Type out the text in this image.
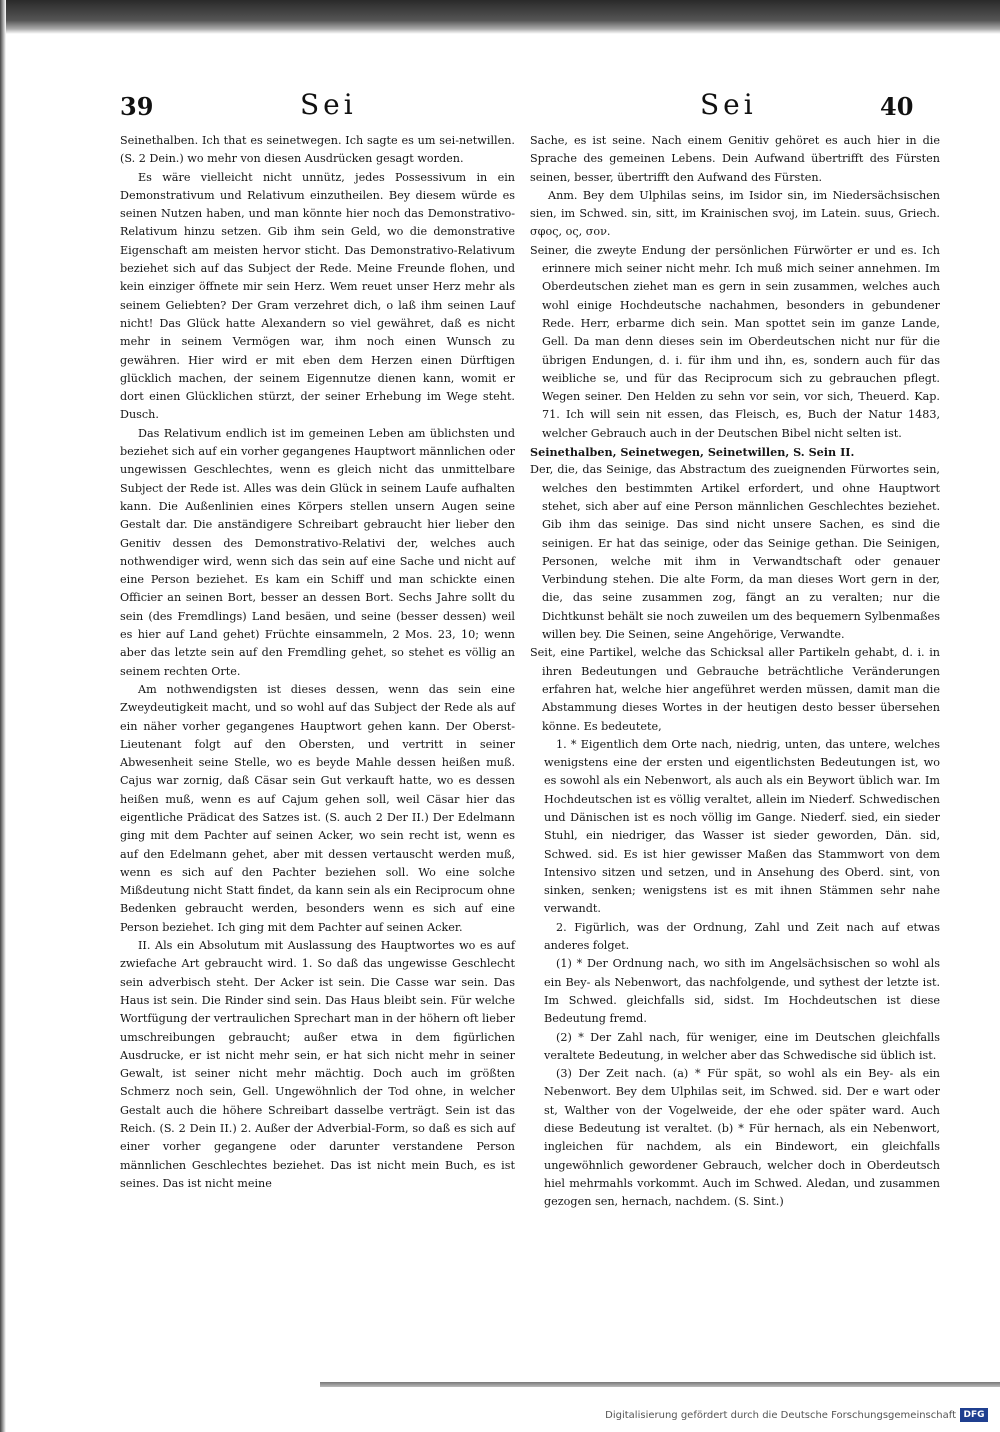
39	Sei	Sei	40

Seinethalben. Ich that es seinetwegen. Ich sagte es um sei-netwillen. (S. 2 Dein.) wo mehr von diesen Ausdrücken gesagt worden.

Es wäre vielleicht nicht unnütz, jedes Possessivum in ein Demonstrativum und Relativum einzutheilen. Bey diesem würde es seinen Nutzen haben, und man könnte hier noch das Demonstrativo-Relativum hinzu setzen. Gib ihm sein Geld, wo die demonstrative Eigenschaft am meisten hervor sticht. Das Demonstrativo-Relativum beziehet sich auf das Subject der Rede. Meine Freunde flohen, und kein einziger öffnete mir sein Herz. Wem reuet unser Herz mehr als seinem Geliebten? Der Gram verzehret dich, o laß ihm seinen Lauf nicht! Das Glück hatte Alexandern so viel gewähret, daß es nicht mehr in seinem Vermögen war, ihm noch einen Wunsch zu gewähren. Hier wird er mit eben dem Herzen einen Dürftigen glücklich machen, der seinem Eigennutze dienen kann, womit er dort einen Glücklichen stürzt, der seiner Erhebung im Wege steht. Dusch.

Das Relativum endlich ist im gemeinen Leben am üblichsten und beziehet sich auf ein vorher gegangenes Hauptwort männlichen oder ungewissen Geschlechtes, wenn es gleich nicht das unmittelbare Subject der Rede ist. Alles was dein Glück in seinem Laufe aufhalten kann. Die Außenlinien eines Körpers stellen unsern Augen seine Gestalt dar. Die anständigere Schreibart gebraucht hier lieber den Genitiv dessen des Demonstrativo-Relativi der, welches auch nothwendiger wird, wenn sich das sein auf eine Sache und nicht auf eine Person beziehet. Es kam ein Schiff und man schickte einen Officier an seinen Bort, besser an dessen Bort. Sechs Jahre sollt du sein (des Fremdlings) Land besäen, und seine (besser dessen) weil es hier auf Land gehet) Früchte einsammeln, 2 Mos. 23, 10; wenn aber das letzte sein auf den Fremdling gehet, so stehet es völlig an seinem rechten Orte.

Am nothwendigsten ist dieses dessen, wenn das sein eine Zweydeutigkeit macht, und so wohl auf das Subject der Rede als auf ein näher vorher gegangenes Hauptwort gehen kann. Der Oberst-Lieutenant folgt auf den Obersten, und vertritt in seiner Abwesenheit seine Stelle, wo es beyde Mahle dessen heißen muß. Cajus war zornig, daß Cäsar sein Gut verkauft hatte, wo es dessen heißen muß, wenn es auf Cajum gehen soll, weil Cäsar hier das eigentliche Prädicat des Satzes ist. (S. auch 2 Der II.) Der Edelmann ging mit dem Pachter auf seinen Acker, wo sein recht ist, wenn es auf den Edelmann gehet, aber mit dessen vertauscht werden muß, wenn es sich auf den Pachter beziehen soll. Wo eine solche Mißdeutung nicht Statt findet, da kann sein als ein Reciprocum ohne Bedenken gebraucht werden, besonders wenn es sich auf eine Person beziehet. Ich ging mit dem Pachter auf seinen Acker.

II. Als ein Absolutum mit Auslassung des Hauptwortes wo es auf zwiefache Art gebraucht wird. 1. So daß das ungewisse Geschlecht sein adverbisch steht. Der Acker ist sein. Die Casse war sein. Das Haus ist sein. Die Rinder sind sein. Das Haus bleibt sein. Für welche Wortfügung der vertraulichen Sprechart man in der höhern oft lieber umschreibungen gebraucht; außer etwa in dem figürlichen Ausdrucke, er ist nicht mehr sein, er hat sich nicht mehr in seiner Gewalt, ist seiner nicht mehr mächtig. Doch auch im größten Schmerz noch sein, Gell. Ungewöhnlich der Tod ohne, in welcher Gestalt auch die höhere Schreibart dasselbe verträgt. Sein ist das Reich. (S. 2 Dein II.) 2. Außer der Adverbial-Form, so daß es sich auf einer vorher gegangene oder darunter verstandene Person männlichen Geschlechtes beziehet. Das ist nicht mein Buch, es ist seines. Das ist nicht meine

Sache, es ist seine. Nach einem Genitiv gehöret es auch hier in die Sprache des gemeinen Lebens. Dein Aufwand übertrifft des Fürsten seinen, besser, übertrifft den Aufwand des Fürsten.

Anm. Bey dem Ulphilas seins, im Isidor sin, im Niedersächsischen sien, im Schwed. sin, sitt, im Krainischen svoj, im Latein. suus, Griech. σφος, ος, σον.

Seiner, die zweyte Endung der persönlichen Fürwörter er und es. Ich erinnere mich seiner nicht mehr. Ich muß mich seiner annehmen. Im Oberdeutschen ziehet man es gern in sein zusammen, welches auch wohl einige Hochdeutsche nachahmen, besonders in gebundener Rede. Herr, erbarme dich sein. Man spottet sein im ganze Lande, Gell. Da man denn dieses sein im Oberdeutschen nicht nur für die übrigen Endungen, d. i. für ihm und ihn, es, sondern auch für das weibliche se, und für das Reciprocum sich zu gebrauchen pflegt. Wegen seiner. Den Helden zu sehn vor sein, vor sich, Theuerd. Kap. 71. Ich will sein nit essen, das Fleisch, es, Buch der Natur 1483, welcher Gebrauch auch in der Deutschen Bibel nicht selten ist.

Seinethalben, Seinetwegen, Seinetwillen, S. Sein II.

Der, die, das Seinige, das Abstractum des zueignenden Fürwortes sein, welches den bestimmten Artikel erfordert, und ohne Hauptwort stehet, sich aber auf eine Person männlichen Geschlechtes beziehet. Gib ihm das seinige. Das sind nicht unsere Sachen, es sind die seinigen. Er hat das seinige, oder das Seinige gethan. Die Seinigen, Personen, welche mit ihm in Verwandtschaft oder genauer Verbindung stehen. Die alte Form, da man dieses Wort gern in der, die, das seine zusammen zog, fängt an zu veralten; nur die Dichtkunst behält sie noch zuweilen um des bequemern Sylbenmaßes willen bey. Die Seinen, seine Angehörige, Verwandte.

Seit, eine Partikel, welche das Schicksal aller Partikeln gehabt, d. i. in ihren Bedeutungen und Gebrauche beträchtliche Veränderungen erfahren hat, welche hier angeführet werden müssen, damit man die Abstammung dieses Wortes in der heutigen desto besser übersehen könne. Es bedeutete,

1. * Eigentlich dem Orte nach, niedrig, unten, das untere, welches wenigstens eine der ersten und eigentlichsten Bedeutungen ist, wo es sowohl als ein Nebenwort, als auch als ein Beywort üblich war. Im Hochdeutschen ist es völlig veraltet, allein im Niederf. Schwedischen und Dänischen ist es noch völlig im Gange. Niederf. sied, ein sieder Stuhl, ein niedriger, das Wasser ist sieder geworden, Dän. sid, Schwed. sid. Es ist hier gewisser Maßen das Stammwort von dem Intensivo sitzen und setzen, und in Ansehung des Oberd. sint, von sinken, senken; wenigstens ist es mit ihnen Stämmen sehr nahe verwandt.

2. Figürlich, was der Ordnung, Zahl und Zeit nach auf etwas anderes folget.

(1) * Der Ordnung nach, wo sith im Angelsächsischen so wohl als ein Bey- als Nebenwort, das nachfolgende, und sythest der letzte ist. Im Schwed. gleichfalls sid, sidst. Im Hochdeutschen ist diese Bedeutung fremd.

(2) * Der Zahl nach, für weniger, eine im Deutschen gleichfalls veraltete Bedeutung, in welcher aber das Schwedische sid üblich ist.

(3) Der Zeit nach. (a) * Für spät, so wohl als ein Bey- als ein Nebenwort. Bey dem Ulphilas seit, im Schwed. sid. Der e wart oder st, Walther von der Vogelweide, der ehe oder später ward. Auch diese Bedeutung ist veraltet. (b) * Für hernach, als ein Nebenwort, ingleichen für nachdem, als ein Bindewort, ein gleichfalls ungewöhnlich gewordener Gebrauch, welcher doch in Oberdeutsch hiel mehrmahls vorkommt. Auch im Schwed. Aledan, und zusammen gezogen sen, hernach, nachdem. (S. Sint.)

Digitalisierung gefördert durch die Deutsche Forschungsgemeinschaft DFG
